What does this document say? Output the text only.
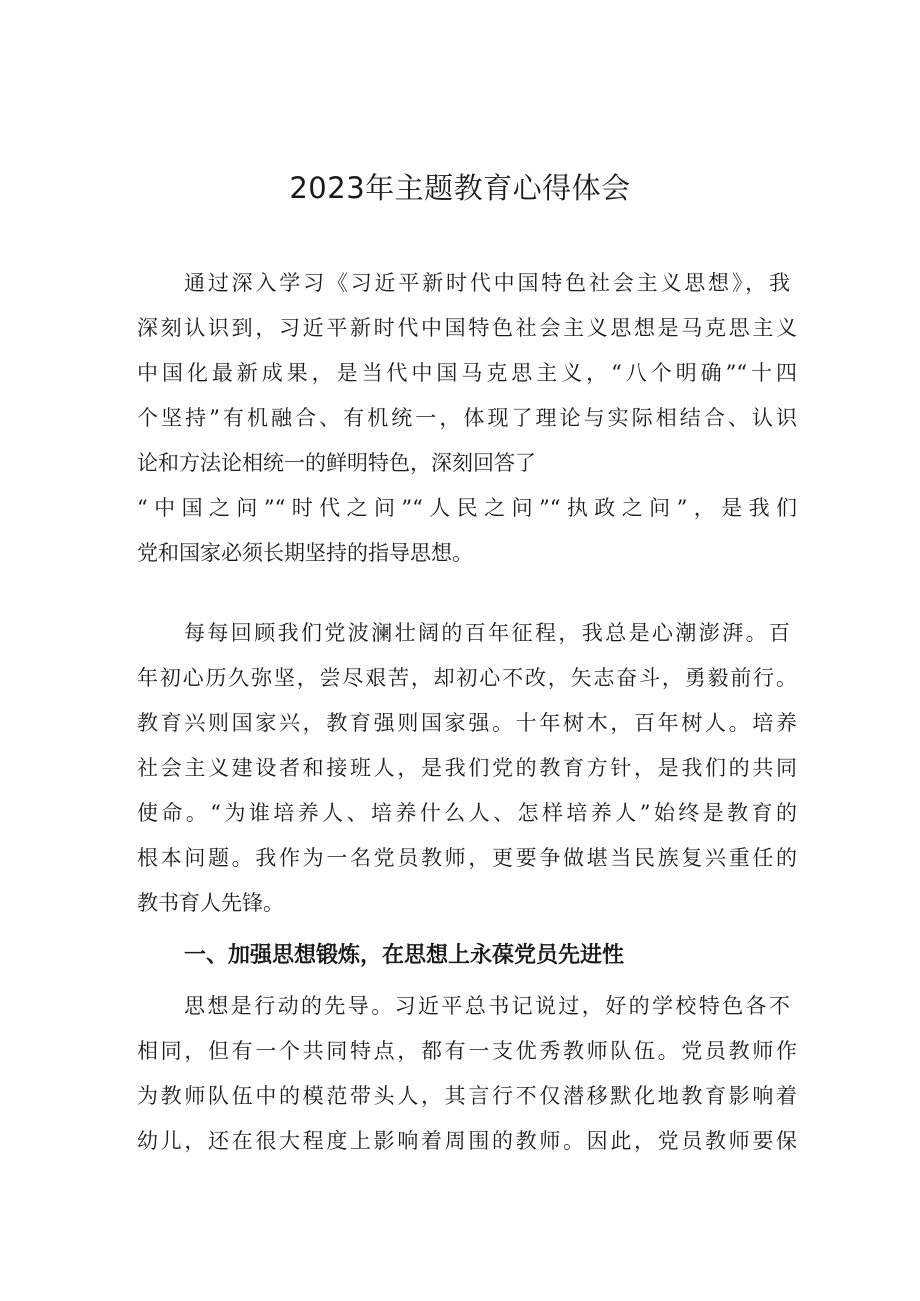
2023年主题教育心得体会
通过深入学习《习近平新时代中国特色社会主义思想》，我
深刻认识到，习近平新时代中国特色社会主义思想是马克思主义
中国化最新成果，是当代中国马克思主义，“八个明确”“十四
个坚持”有机融合、有机统一，体现了理论与实际相结合、认识
论和方法论相统一的鲜明特色，深刻回答了
“中国之问”“时代之问”“人民之问”“执政之问”，是我们
党和国家必须长期坚持的指导思想。
每每回顾我们党波澜壮阔的百年征程，我总是心潮澎湃。百
年初心历久弥坚，尝尽艰苦，却初心不改，矢志奋斗，勇毅前行。
教育兴则国家兴，教育强则国家强。十年树木，百年树人。培养
社会主义建设者和接班人，是我们党的教育方针，是我们的共同
使命。“为谁培养人、培养什么人、怎样培养人”始终是教育的
根本问题。我作为一名党员教师，更要争做堪当民族复兴重任的
教书育人先锋。
一、加强思想锻炼，在思想上永葆党员先进性
思想是行动的先导。习近平总书记说过，好的学校特色各不
相同，但有一个共同特点，都有一支优秀教师队伍。党员教师作
为教师队伍中的模范带头人，其言行不仅潜移默化地教育影响着
幼儿，还在很大程度上影响着周围的教师。因此，党员教师要保
